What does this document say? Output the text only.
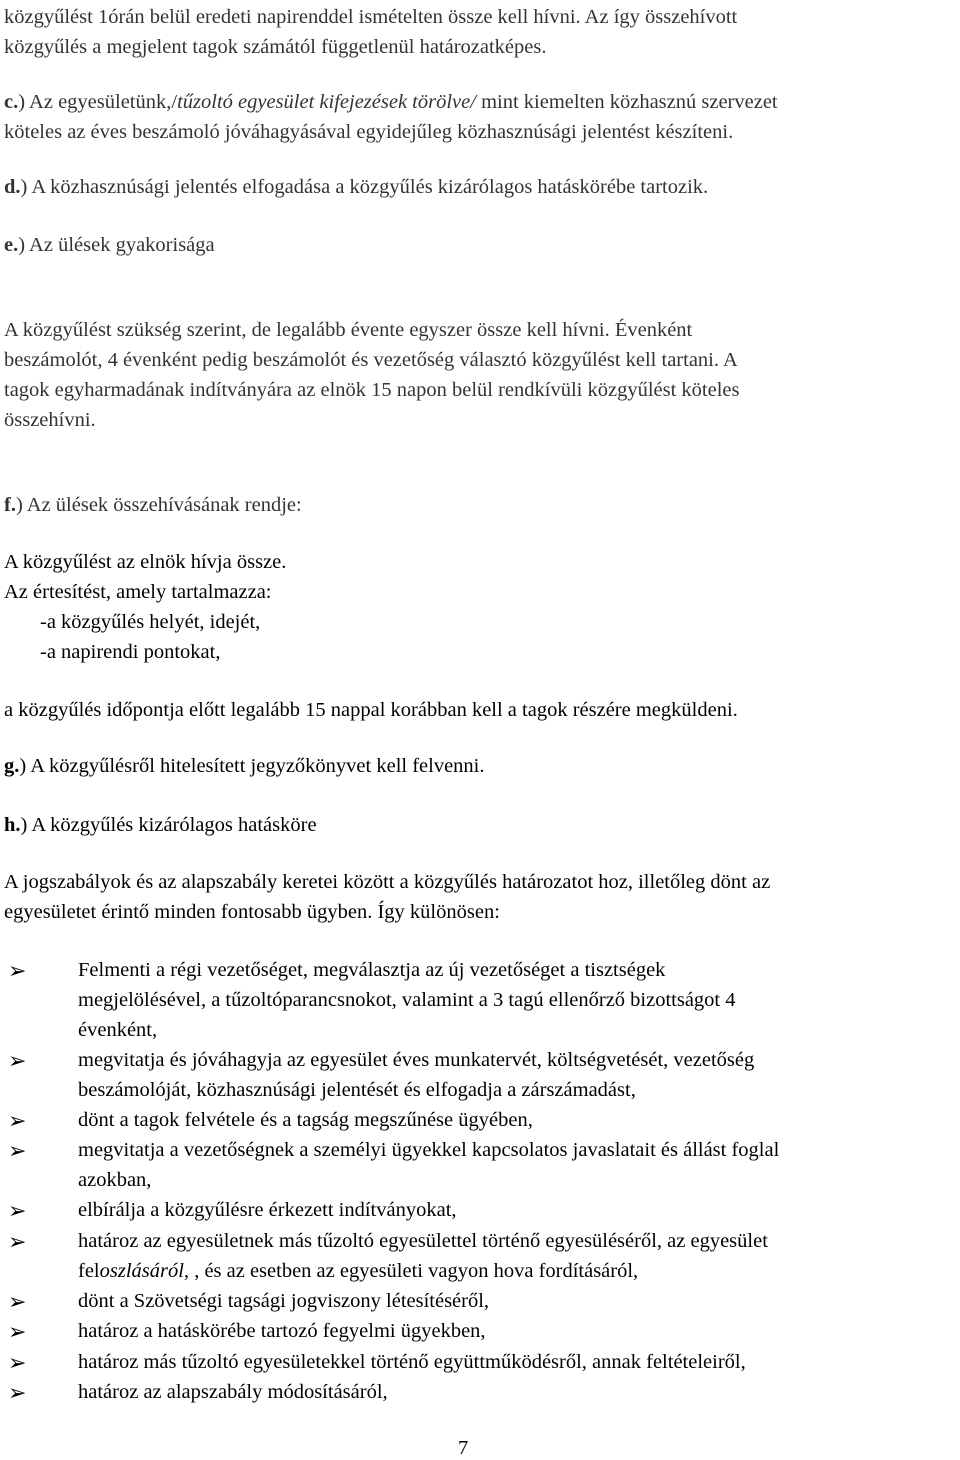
közgyűlést 1órán belül eredeti napirenddel ismételten össze kell hívni. Az így összehívott
közgyűlés a megjelent tagok számától függetlenül határozatképes.
c.) Az egyesületünk,/tűzoltó egyesület kifejezések törölve/ mint kiemelten közhasznú szervezet
köteles az éves beszámoló jóváhagyásával egyidejűleg közhasznúsági jelentést készíteni.
d.) A közhasznúsági jelentés elfogadása a közgyűlés kizárólagos hatáskörébe tartozik.
e.) Az ülések gyakorisága
A közgyűlést szükség szerint, de legalább évente egyszer össze kell hívni. Évenként
beszámolót, 4 évenként pedig beszámolót és vezetőség választó közgyűlést kell tartani. A
tagok egyharmadának indítványára az elnök 15 napon belül rendkívüli közgyűlést köteles
összehívni.
f.) Az ülések összehívásának rendje:
A közgyűlést az elnök hívja össze.
Az értesítést, amely tartalmazza:
-a közgyűlés helyét, idejét,
-a napirendi pontokat,
a közgyűlés időpontja előtt legalább 15 nappal korábban kell a tagok részére megküldeni.
g.) A közgyűlésről hitelesített jegyzőkönyvet kell felvenni.
h.) A közgyűlés kizárólagos hatásköre
A jogszabályok és az alapszabály keretei között a közgyűlés határozatot hoz, illetőleg dönt az
egyesületet érintő minden fontosabb ügyben. Így különösen:
➢	Felmenti a régi vezetőséget, megválasztja az új vezetőséget a tisztségek
megjelölésével, a tűzoltóparancsnokot, valamint a 3 tagú ellenőrző bizottságot 4
évenként,
➢	megvitatja és jóváhagyja az egyesület éves munkatervét, költségvetését, vezetőség
beszámolóját, közhasznúsági jelentését és elfogadja a zárszámadást,
➢	dönt a tagok felvétele és a tagság megszűnése ügyében,
➢	megvitatja a vezetőségnek a személyi ügyekkel kapcsolatos javaslatait és állást foglal
azokban,
➢	elbírálja a közgyűlésre érkezett indítványokat,
➢	határoz az egyesületnek más tűzoltó egyesülettel történő egyesüléséről, az egyesület
feloszlásáról, , és az esetben az egyesületi vagyon hova fordításáról,
➢	dönt a Szövetségi tagsági jogviszony létesítéséről,
➢	határoz a hatáskörébe tartozó fegyelmi ügyekben,
➢	határoz más tűzoltó egyesületekkel történő együttműködésről, annak feltételeiről,
➢	határoz az alapszabály módosításáról,
7
